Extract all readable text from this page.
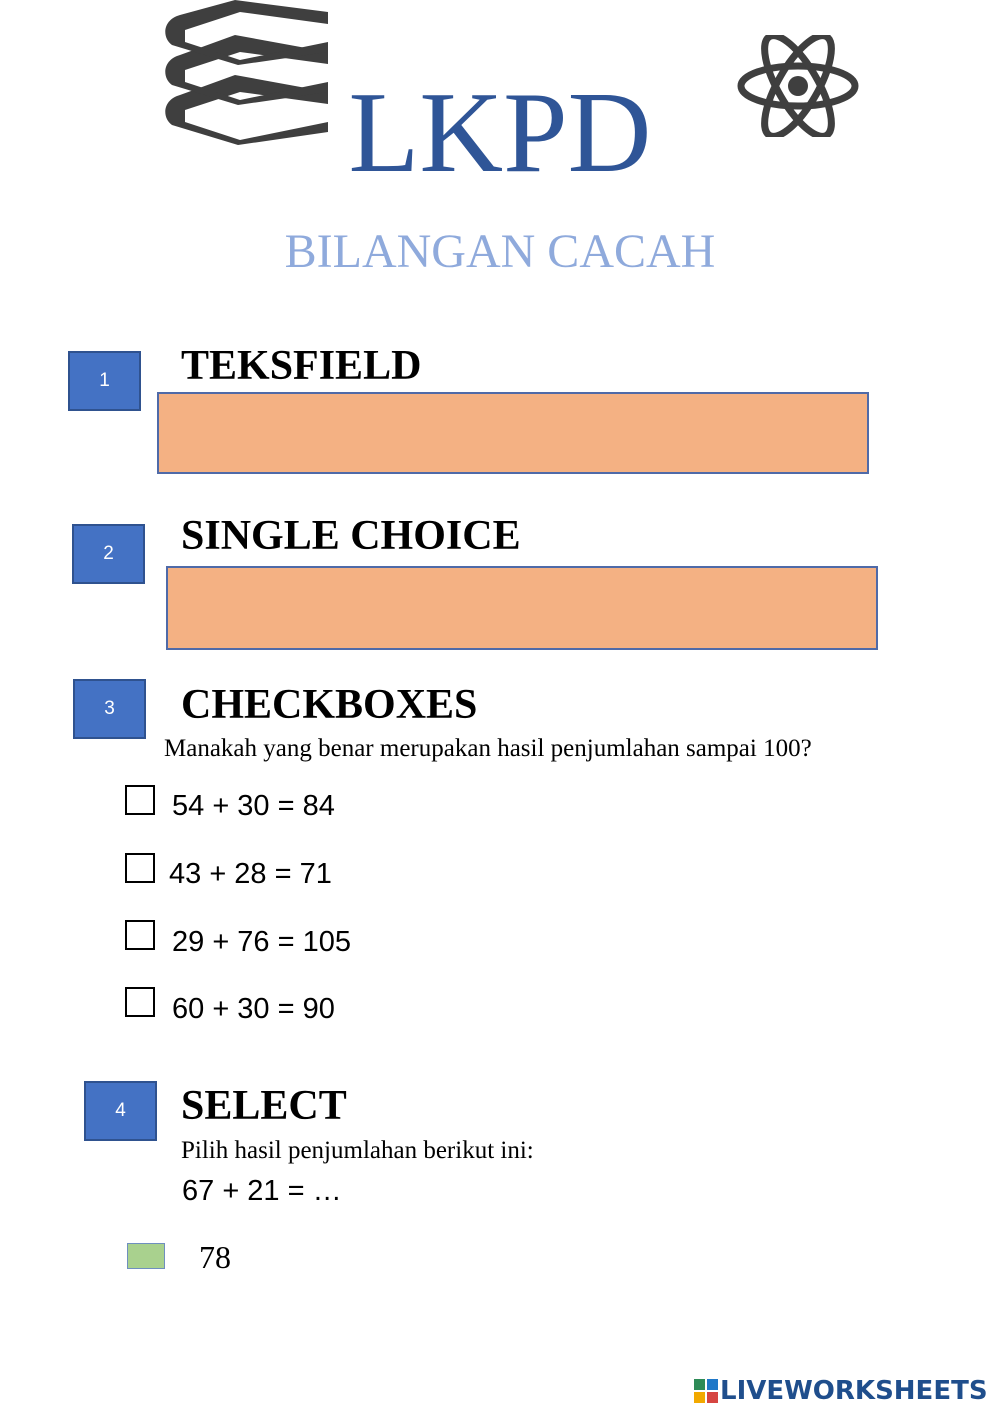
LKPD
BILANGAN CACAH
1	TEKSFIELD
2	SINGLE CHOICE
3	CHECKBOXES
Manakah yang benar merupakan hasil penjumlahan sampai 100?
54 + 30 = 84
43 + 28 = 71
29 + 76 = 105
60 + 30 = 90
4	SELECT
Pilih hasil penjumlahan berikut ini:
67 + 21 = …
78
LIVEWORKSHEETS
